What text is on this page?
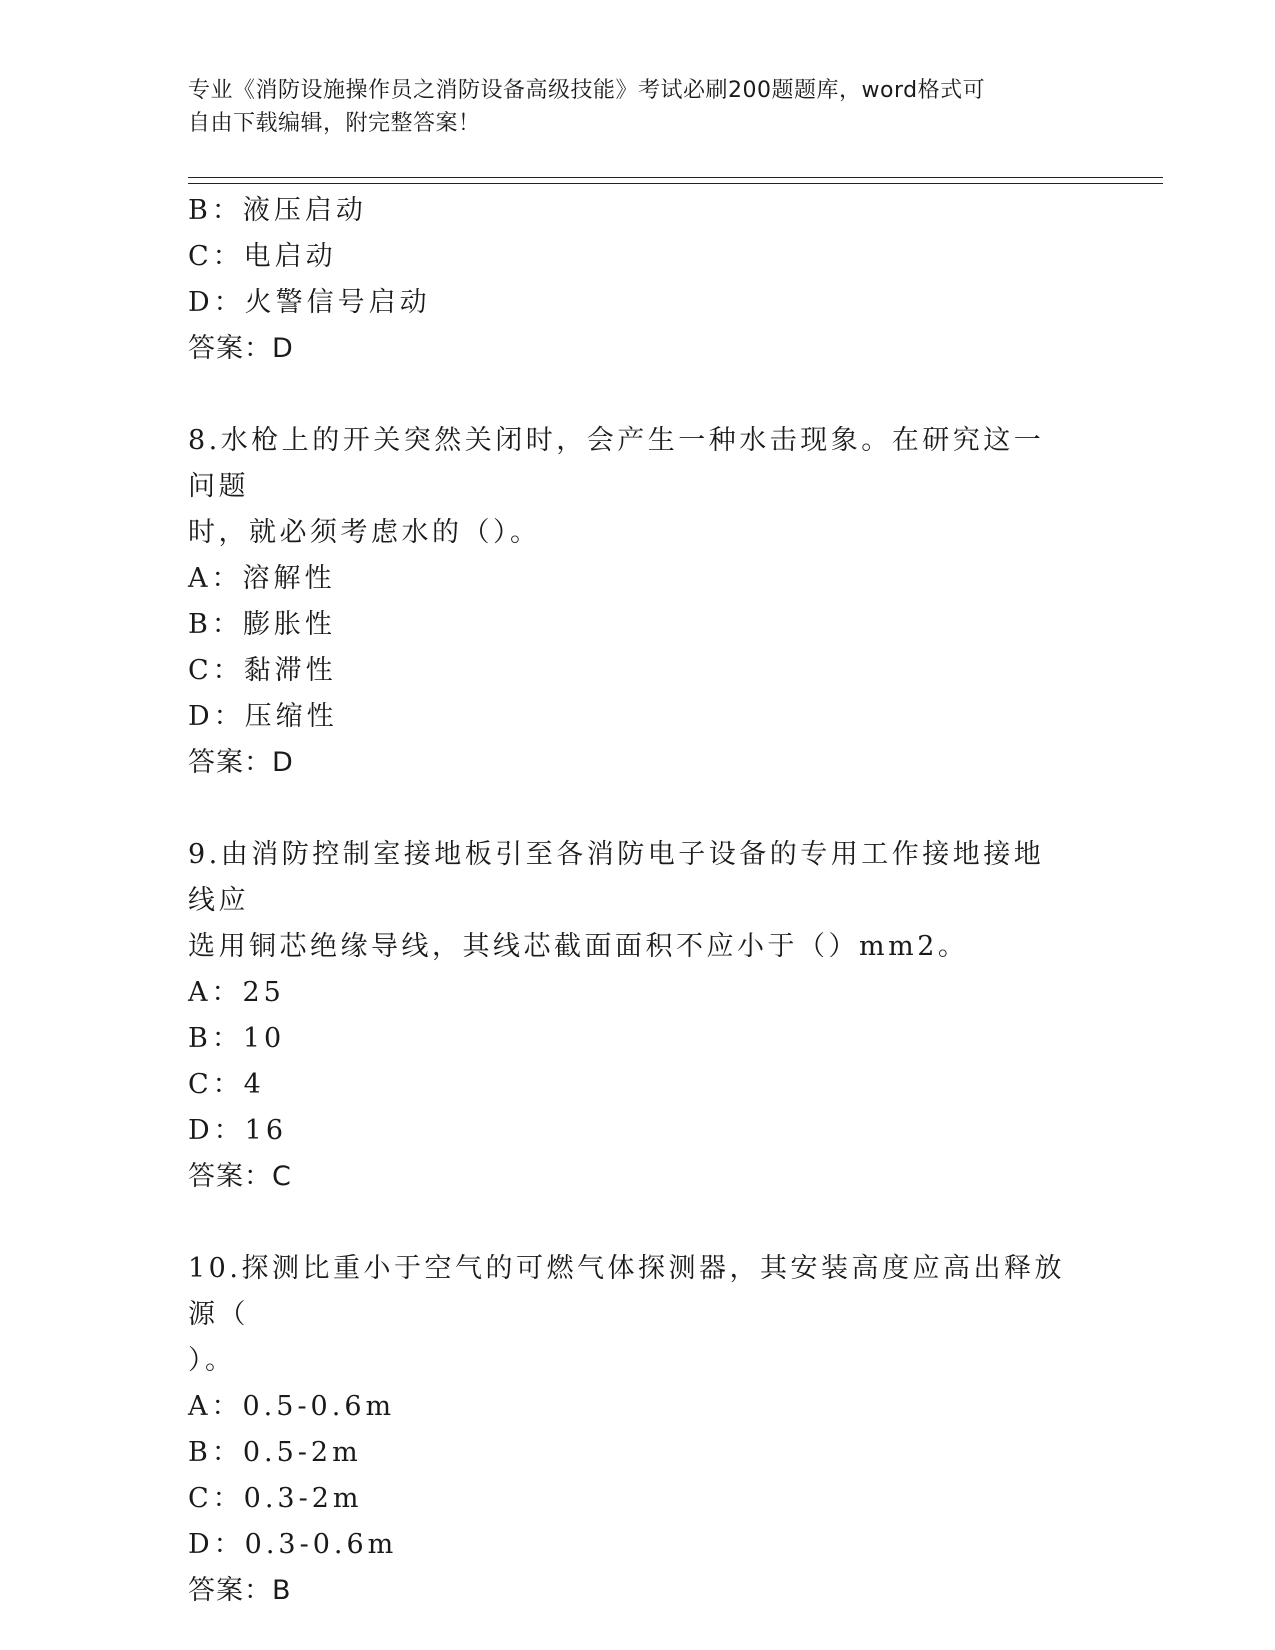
专业《消防设施操作员之消防设备高级技能》考试必刷200题题库，word格式可
自由下载编辑，附完整答案！
B：液压启动
C：电启动
D：火警信号启动
答案：D
8.水枪上的开关突然关闭时，会产生一种水击现象。在研究这一问题
时，就必须考虑水的（）。
A：溶解性
B：膨胀性
C：黏滞性
D：压缩性
答案：D
9.由消防控制室接地板引至各消防电子设备的专用工作接地接地线应
选用铜芯绝缘导线，其线芯截面面积不应小于（）mm2。
A：25
B：10
C：4
D：16
答案：C
10.探测比重小于空气的可燃气体探测器，其安装高度应高出释放源（
）。
A：0.5-0.6m
B：0.5-2m
C：0.3-2m
D：0.3-0.6m
答案：B
